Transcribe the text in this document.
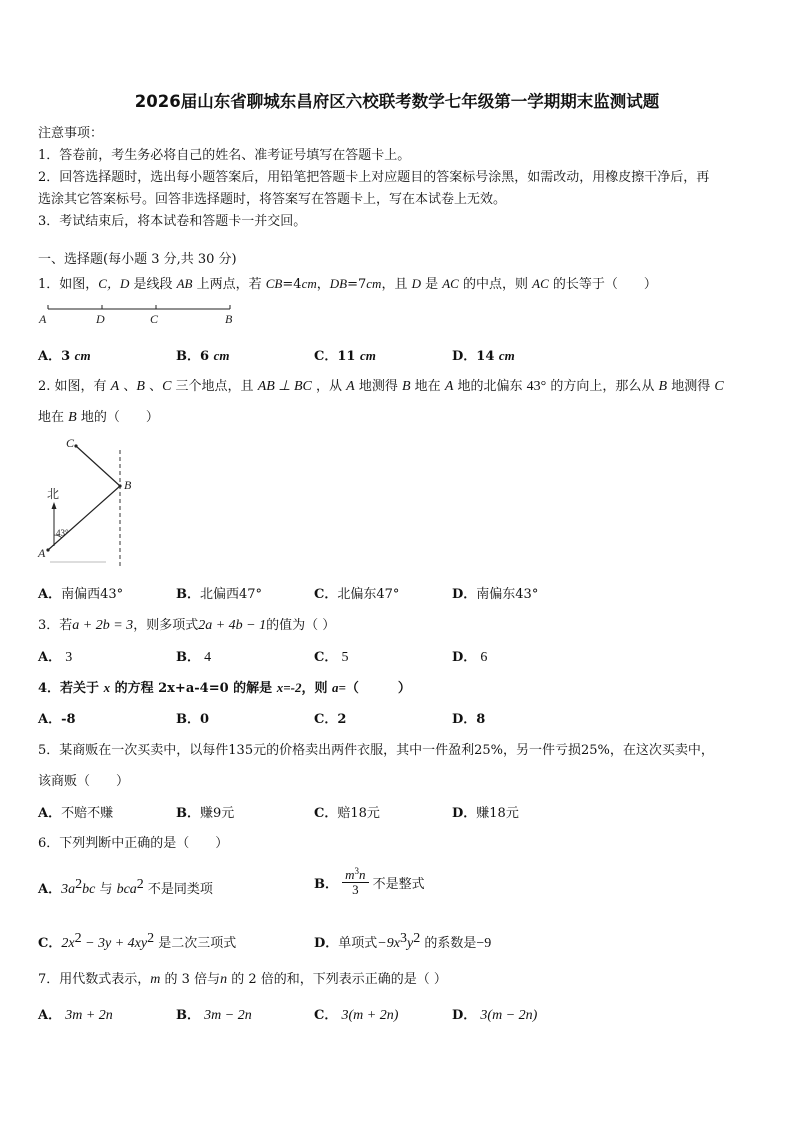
2026届山东省聊城东昌府区六校联考数学七年级第一学期期末监测试题
注意事项：
1．答卷前，考生务必将自己的姓名、准考证号填写在答题卡上。
2．回答选择题时，选出每小题答案后，用铅笔把答题卡上对应题目的答案标号涂黑，如需改动，用橡皮擦干净后，再
选涂其它答案标号。回答非选择题时，将答案写在答题卡上，写在本试卷上无效。
3．考试结束后，将本试卷和答题卡一并交回。
一、选择题(每小题 3 分,共 30 分)
1．如图，C，D 是线段 AB 上两点，若 CB=4cm，DB=7cm，且 D 是 AC 的中点，则 AC 的长等于（　　）
A	D	C	B
A．3 cm	B．6 cm	C．11 cm	D．14 cm
2. 如图，有 A 、B 、C 三个地点，且 AB ⊥ BC ，从 A 地测得 B 地在 A 地的北偏东 43° 的方向上，那么从 B 地测得 C
地在 B 地的（　　）
C
B
A
北
43°
A．南偏西43°	B．北偏西47°	C．北偏东47°	D．南偏东43°
3．若a + 2b = 3，则多项式2a + 4b − 1的值为（ ）
A． 3	B． 4	C． 5	D． 6
4．若关于 x 的方程 2x+a-4=0 的解是 x=-2，则 a=（　　　）
A．-8	B．0	C．2	D．8
5．某商贩在一次买卖中，以每件135元的价格卖出两件衣服，其中一件盈利25%，另一件亏损25%，在这次买卖中，
该商贩（　　）
A．不赔不赚	B．赚9元	C．赔18元	D．赚18元
6．下列判断中正确的是（　　）
A．$3a^2bc$ 与 bca$^2$ 不是同类项	B． $\frac{m^3n}{3}$ 不是整式
C．$2x^2 - 3y + 4xy^2$ 是二次三项式	D．单项式$-9x^3y^2$ 的系数是−9
7．用代数式表示，m 的 3 倍与n 的 2 倍的和，下列表示正确的是（ ）
A． 3m + 2n	B． 3m − 2n	C． 3(m + 2n)	D． 3(m − 2n)
